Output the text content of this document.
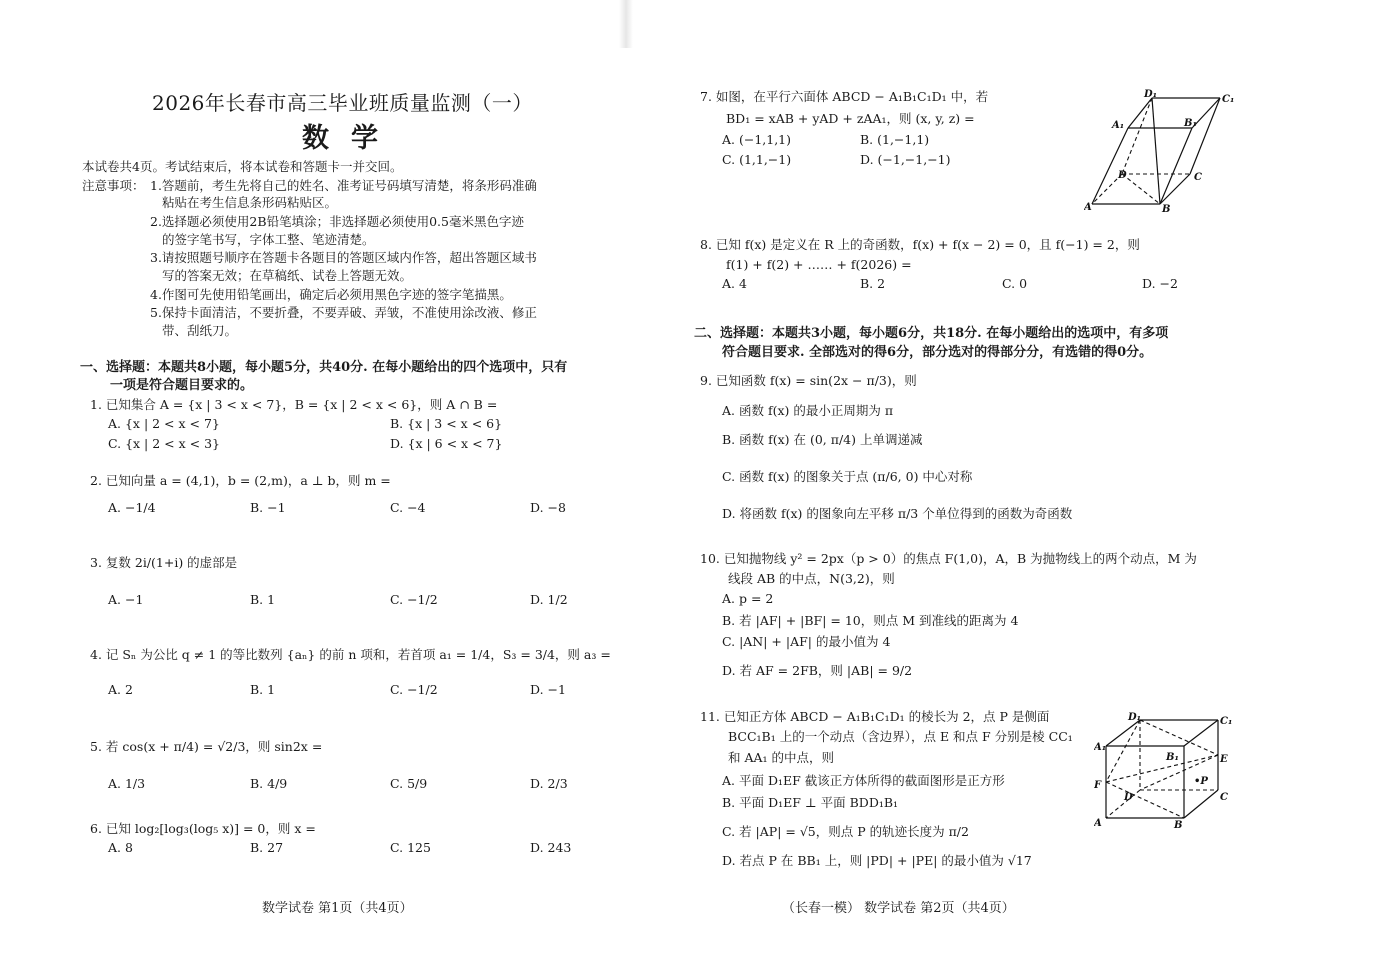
2026年长春市高三毕业班质量监测（一）
数学
本试卷共4页。考试结束后，将本试卷和答题卡一并交回。
注意事项： 1.答题前，考生先将自己的姓名、准考证号码填写清楚，将条形码准确
粘贴在考生信息条形码粘贴区。
2.选择题必须使用2B铅笔填涂；非选择题必须使用0.5毫米黑色字迹
的签字笔书写，字体工整、笔迹清楚。
3.请按照题号顺序在答题卡各题目的答题区域内作答，超出答题区域书
写的答案无效；在草稿纸、试卷上答题无效。
4.作图可先使用铅笔画出，确定后必须用黑色字迹的签字笔描黑。
5.保持卡面清洁，不要折叠，不要弄破、弄皱，不准使用涂改液、修正
带、刮纸刀。
一、选择题：本题共8小题，每小题5分，共40分. 在每小题给出的四个选项中，只有
一项是符合题目要求的。
1. 已知集合 A = {x | 3 < x < 7}，B = {x | 2 < x < 6}，则 A ∩ B =
A. {x | 2 < x < 7}	B. {x | 3 < x < 6}
C. {x | 2 < x < 3}	D. {x | 6 < x < 7}
2. 已知向量 a = (4,1)，b = (2,m)，a ⊥ b，则 m =
A. −1/4	B. −1	C. −4	D. −8
3. 复数 2i/(1+i) 的虚部是
A. −1	B. 1	C. −1/2	D. 1/2
4. 记 Sₙ 为公比 q ≠ 1 的等比数列 {aₙ} 的前 n 项和，若首项 a₁ = 1/4，S₃ = 3/4，则 a₃ =
A. 2	B. 1	C. −1/2	D. −1
5. 若 cos(x + π/4) = √2/3，则 sin2x =
A. 1/3	B. 4/9	C. 5/9	D. 2/3
6. 已知 log₂[log₃(log₅ x)] = 0，则 x =
A. 8	B. 27	C. 125	D. 243
数学试卷 第1页（共4页）
7. 如图，在平行六面体 ABCD − A₁B₁C₁D₁ 中，若
BD₁ = xAB + yAD + zAA₁，则 (x, y, z) =
A. (−1,1,1)	B. (1,−1,1)
C. (1,1,−1)	D. (−1,−1,−1)
D₁	C₁
A₁	B₁
D	C
A	B
8. 已知 f(x) 是定义在 R 上的奇函数，f(x) + f(x − 2) = 0，且 f(−1) = 2，则
f(1) + f(2) + …… + f(2026) =
A. 4	B. 2	C. 0	D. −2
二、选择题：本题共3小题，每小题6分，共18分. 在每小题给出的选项中，有多项
符合题目要求. 全部选对的得6分，部分选对的得部分分，有选错的得0分。
9. 已知函数 f(x) = sin(2x − π/3)，则
A. 函数 f(x) 的最小正周期为 π
B. 函数 f(x) 在 (0, π/4) 上单调递减
C. 函数 f(x) 的图象关于点 (π/6, 0) 中心对称
D. 将函数 f(x) 的图象向左平移 π/3 个单位得到的函数为奇函数
10. 已知抛物线 y² = 2px（p > 0）的焦点 F(1,0)，A，B 为抛物线上的两个动点，M 为
线段 AB 的中点，N(3,2)，则
A. p = 2
B. 若 |AF| + |BF| = 10，则点 M 到准线的距离为 4
C. |AN| + |AF| 的最小值为 4
D. 若 AF = 2FB，则 |AB| = 9/2
11. 已知正方体 ABCD − A₁B₁C₁D₁ 的棱长为 2，点 P 是侧面
BCC₁B₁ 上的一个动点（含边界），点 E 和点 F 分别是棱 CC₁
和 AA₁ 的中点，则
A. 平面 D₁EF 截该正方体所得的截面图形是正方形
B. 平面 D₁EF ⊥ 平面 BDD₁B₁
C. 若 |AP| = √5，则点 P 的轨迹长度为 π/2
D. 若点 P 在 BB₁ 上，则 |PD| + |PE| 的最小值为 √17
D₁	C₁
A₁
B₁
F
E
•P
D	C
A	B
（长春一模） 数学试卷 第2页（共4页）
